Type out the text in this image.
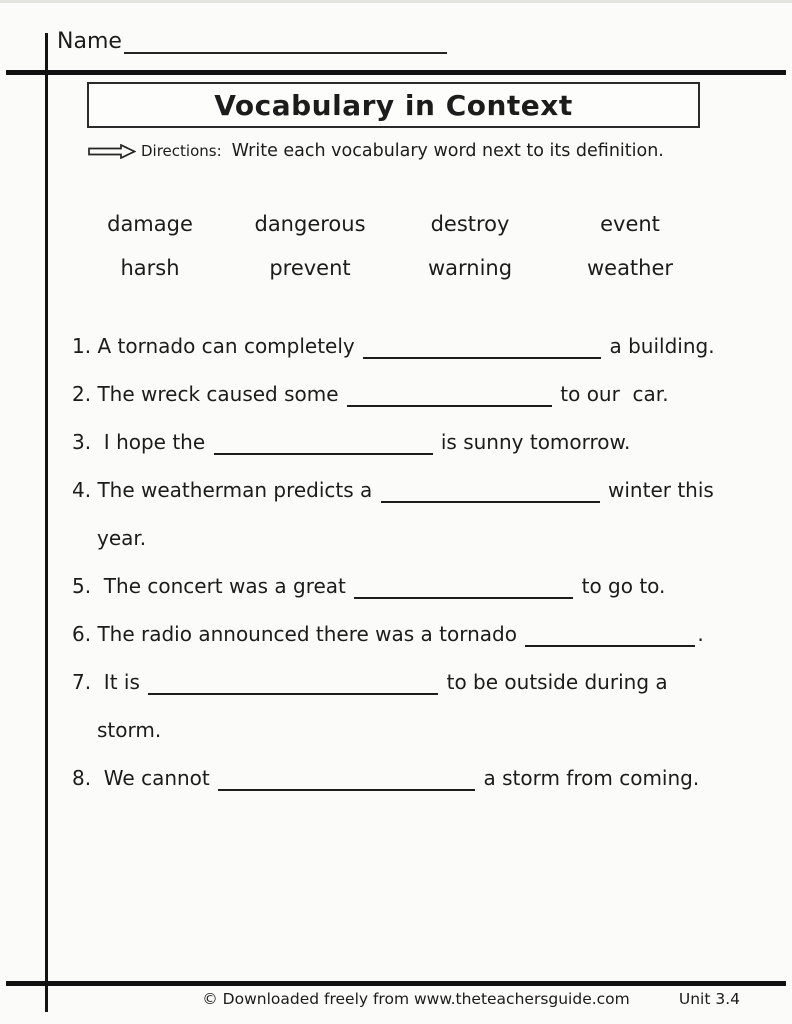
Name
Vocabulary in Context
Directions: Write each vocabulary word next to its definition.
damage	dangerous	destroy	event
harsh	prevent	warning	weather
1. A tornado can completely	a building.
2. The wreck caused some	to our  car.
3. I hope the	is sunny tomorrow.
4. The weatherman predicts a	winter this
year.
5. The concert was a great	to go to.
6. The radio announced there was a tornado	.
7. It is	to be outside during a
storm.
8. We cannot	a storm from coming.
© Downloaded freely from www.theteachersguide.com	Unit 3.4
